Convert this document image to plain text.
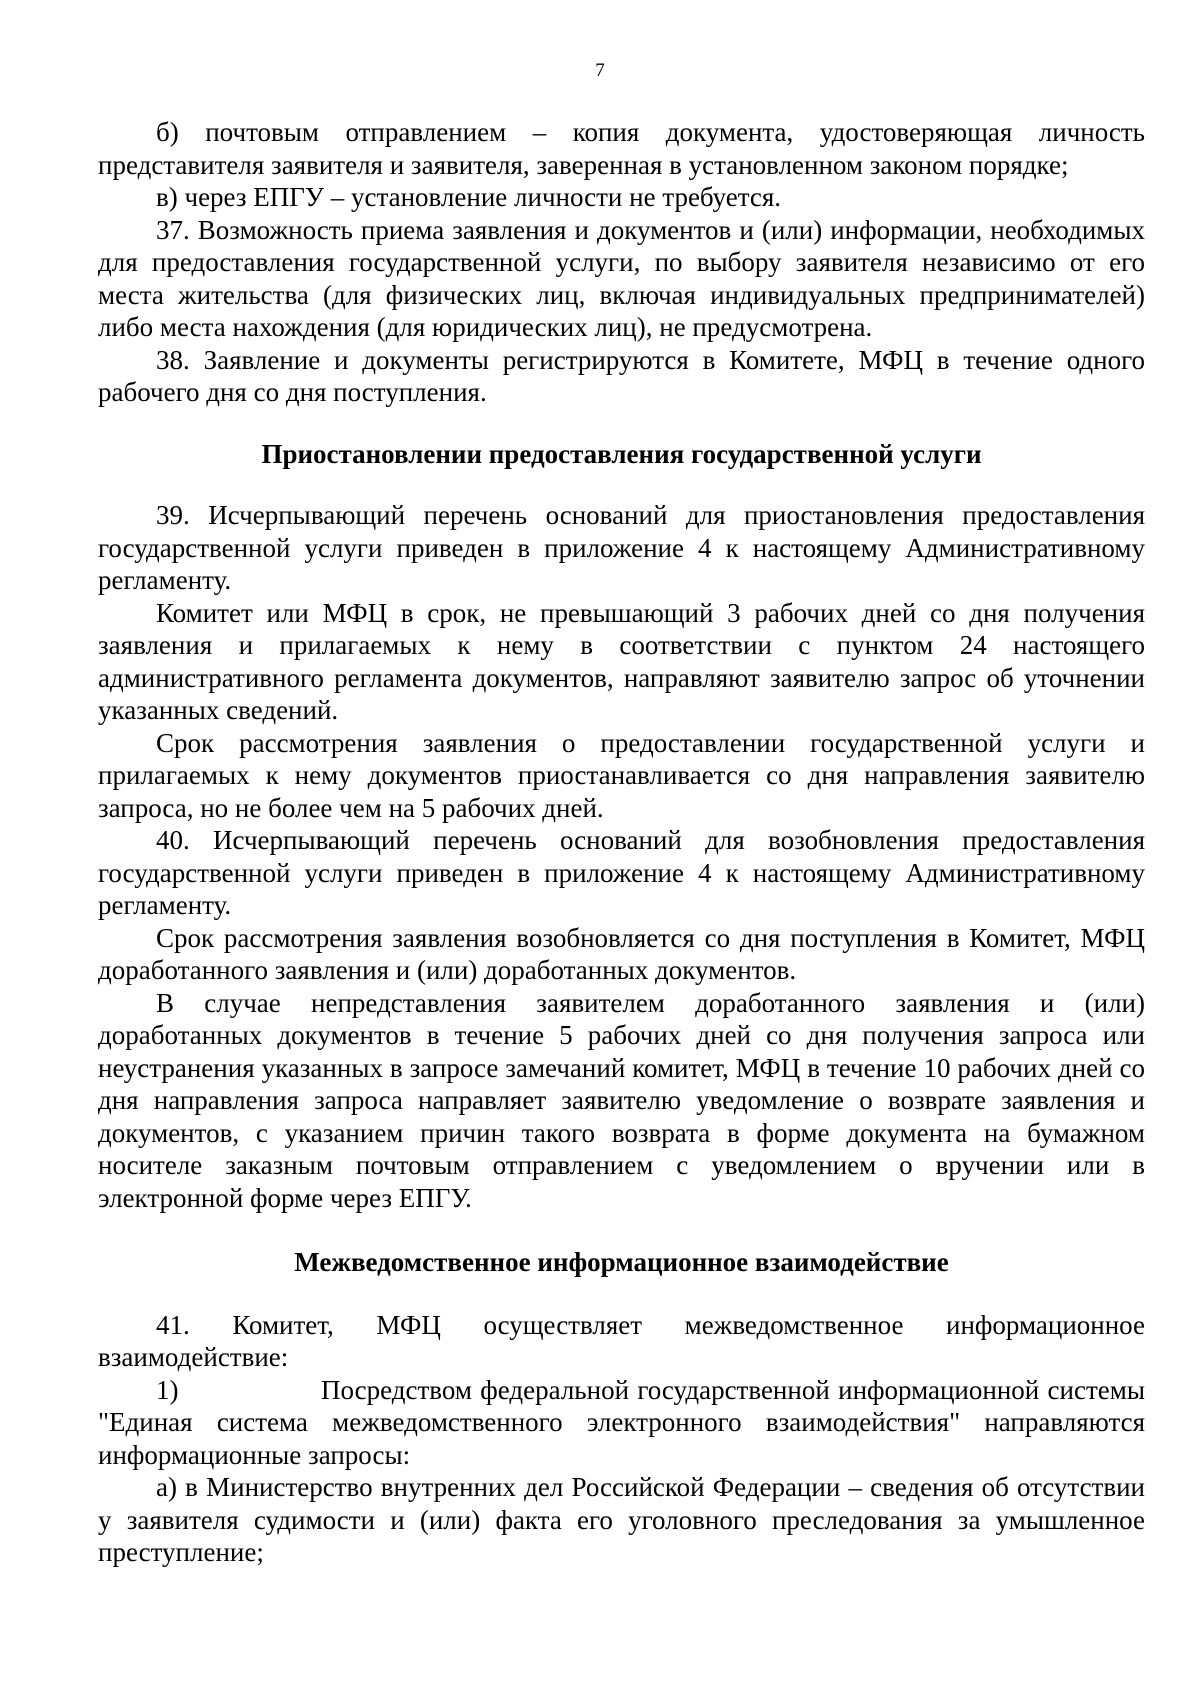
7

б) почтовым отправлением – копия документа, удостоверяющая личность представителя заявителя и заявителя, заверенная в установленном законом порядке;

в) через ЕПГУ – установление личности не требуется.

37. Возможность приема заявления и документов и (или) информации, необходимых для предоставления государственной услуги, по выбору заявителя независимо от его места жительства (для физических лиц, включая индивидуальных предпринимателей) либо места нахождения (для юридических лиц), не предусмотрена.

38. Заявление и документы регистрируются в Комитете, МФЦ в течение одного рабочего дня со дня поступления.

Приостановлении предоставления государственной услуги

39. Исчерпывающий перечень оснований для приостановления предоставления государственной услуги приведен в приложение 4 к настоящему Административному регламенту.

Комитет или МФЦ в срок, не превышающий 3 рабочих дней со дня получения заявления и прилагаемых к нему в соответствии с пунктом 24 настоящего административного регламента документов, направляют заявителю запрос об уточнении указанных сведений.

Срок рассмотрения заявления о предоставлении государственной услуги и прилагаемых к нему документов приостанавливается со дня направления заявителю запроса, но не более чем на 5 рабочих дней.

40. Исчерпывающий перечень оснований для возобновления предоставления государственной услуги приведен в приложение 4 к настоящему Административному регламенту.

Срок рассмотрения заявления возобновляется со дня поступления в Комитет, МФЦ доработанного заявления и (или) доработанных документов.

В случае непредставления заявителем доработанного заявления и (или) доработанных документов в течение 5 рабочих дней со дня получения запроса или неустранения указанных в запросе замечаний комитет, МФЦ в течение 10 рабочих дней со дня направления запроса направляет заявителю уведомление о возврате заявления и документов, с указанием причин такого возврата в форме документа на бумажном носителе заказным почтовым отправлением с уведомлением о вручении или в электронной форме через ЕПГУ.

Межведомственное информационное взаимодействие

41. Комитет, МФЦ осуществляет межведомственное информационное взаимодействие:

1)	Посредством федеральной государственной информационной системы "Единая система межведомственного электронного взаимодействия" направляются информационные запросы:

а) в Министерство внутренних дел Российской Федерации – сведения об отсутствии у заявителя судимости и (или) факта его уголовного преследования за умышленное преступление;
